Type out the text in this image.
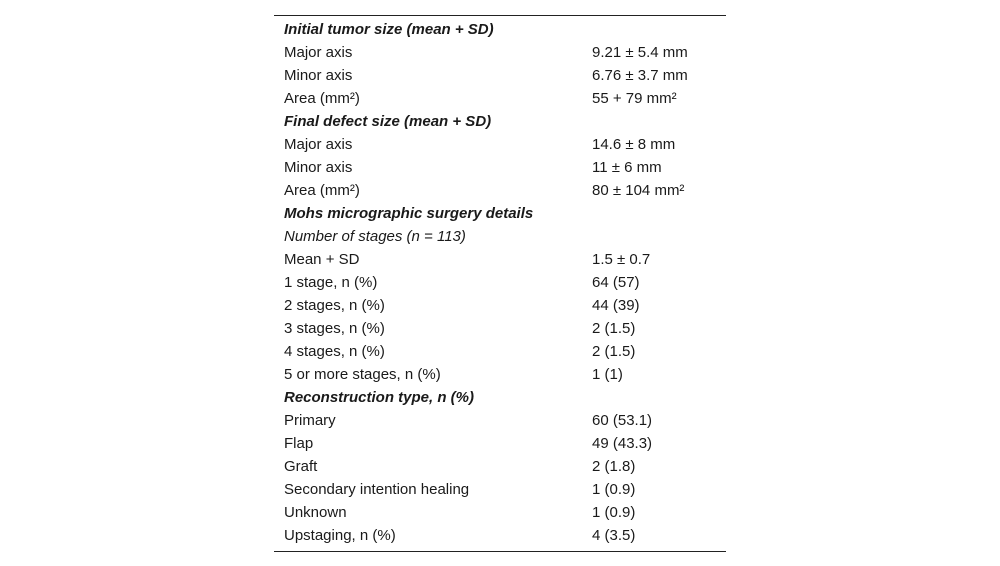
Initial tumor size (mean + SD)	
Major axis	9.21 ± 5.4 mm
Minor axis	6.76 ± 3.7 mm
Area (mm²)	55 + 79 mm²
Final defect size (mean + SD)	
Major axis	14.6 ± 8 mm
Minor axis	11 ± 6 mm
Area (mm²)	80 ± 104 mm²
Mohs micrographic surgery details	
Number of stages (n = 113)	
Mean + SD	1.5 ± 0.7
1 stage, n (%)	64 (57)
2 stages, n (%)	44 (39)
3 stages, n (%)	2 (1.5)
4 stages, n (%)	2 (1.5)
5 or more stages, n (%)	1 (1)
Reconstruction type, n (%)	
Primary	60 (53.1)
Flap	49 (43.3)
Graft	2 (1.8)
Secondary intention healing	1 (0.9)
Unknown	1 (0.9)
Upstaging, n (%)	4 (3.5)
